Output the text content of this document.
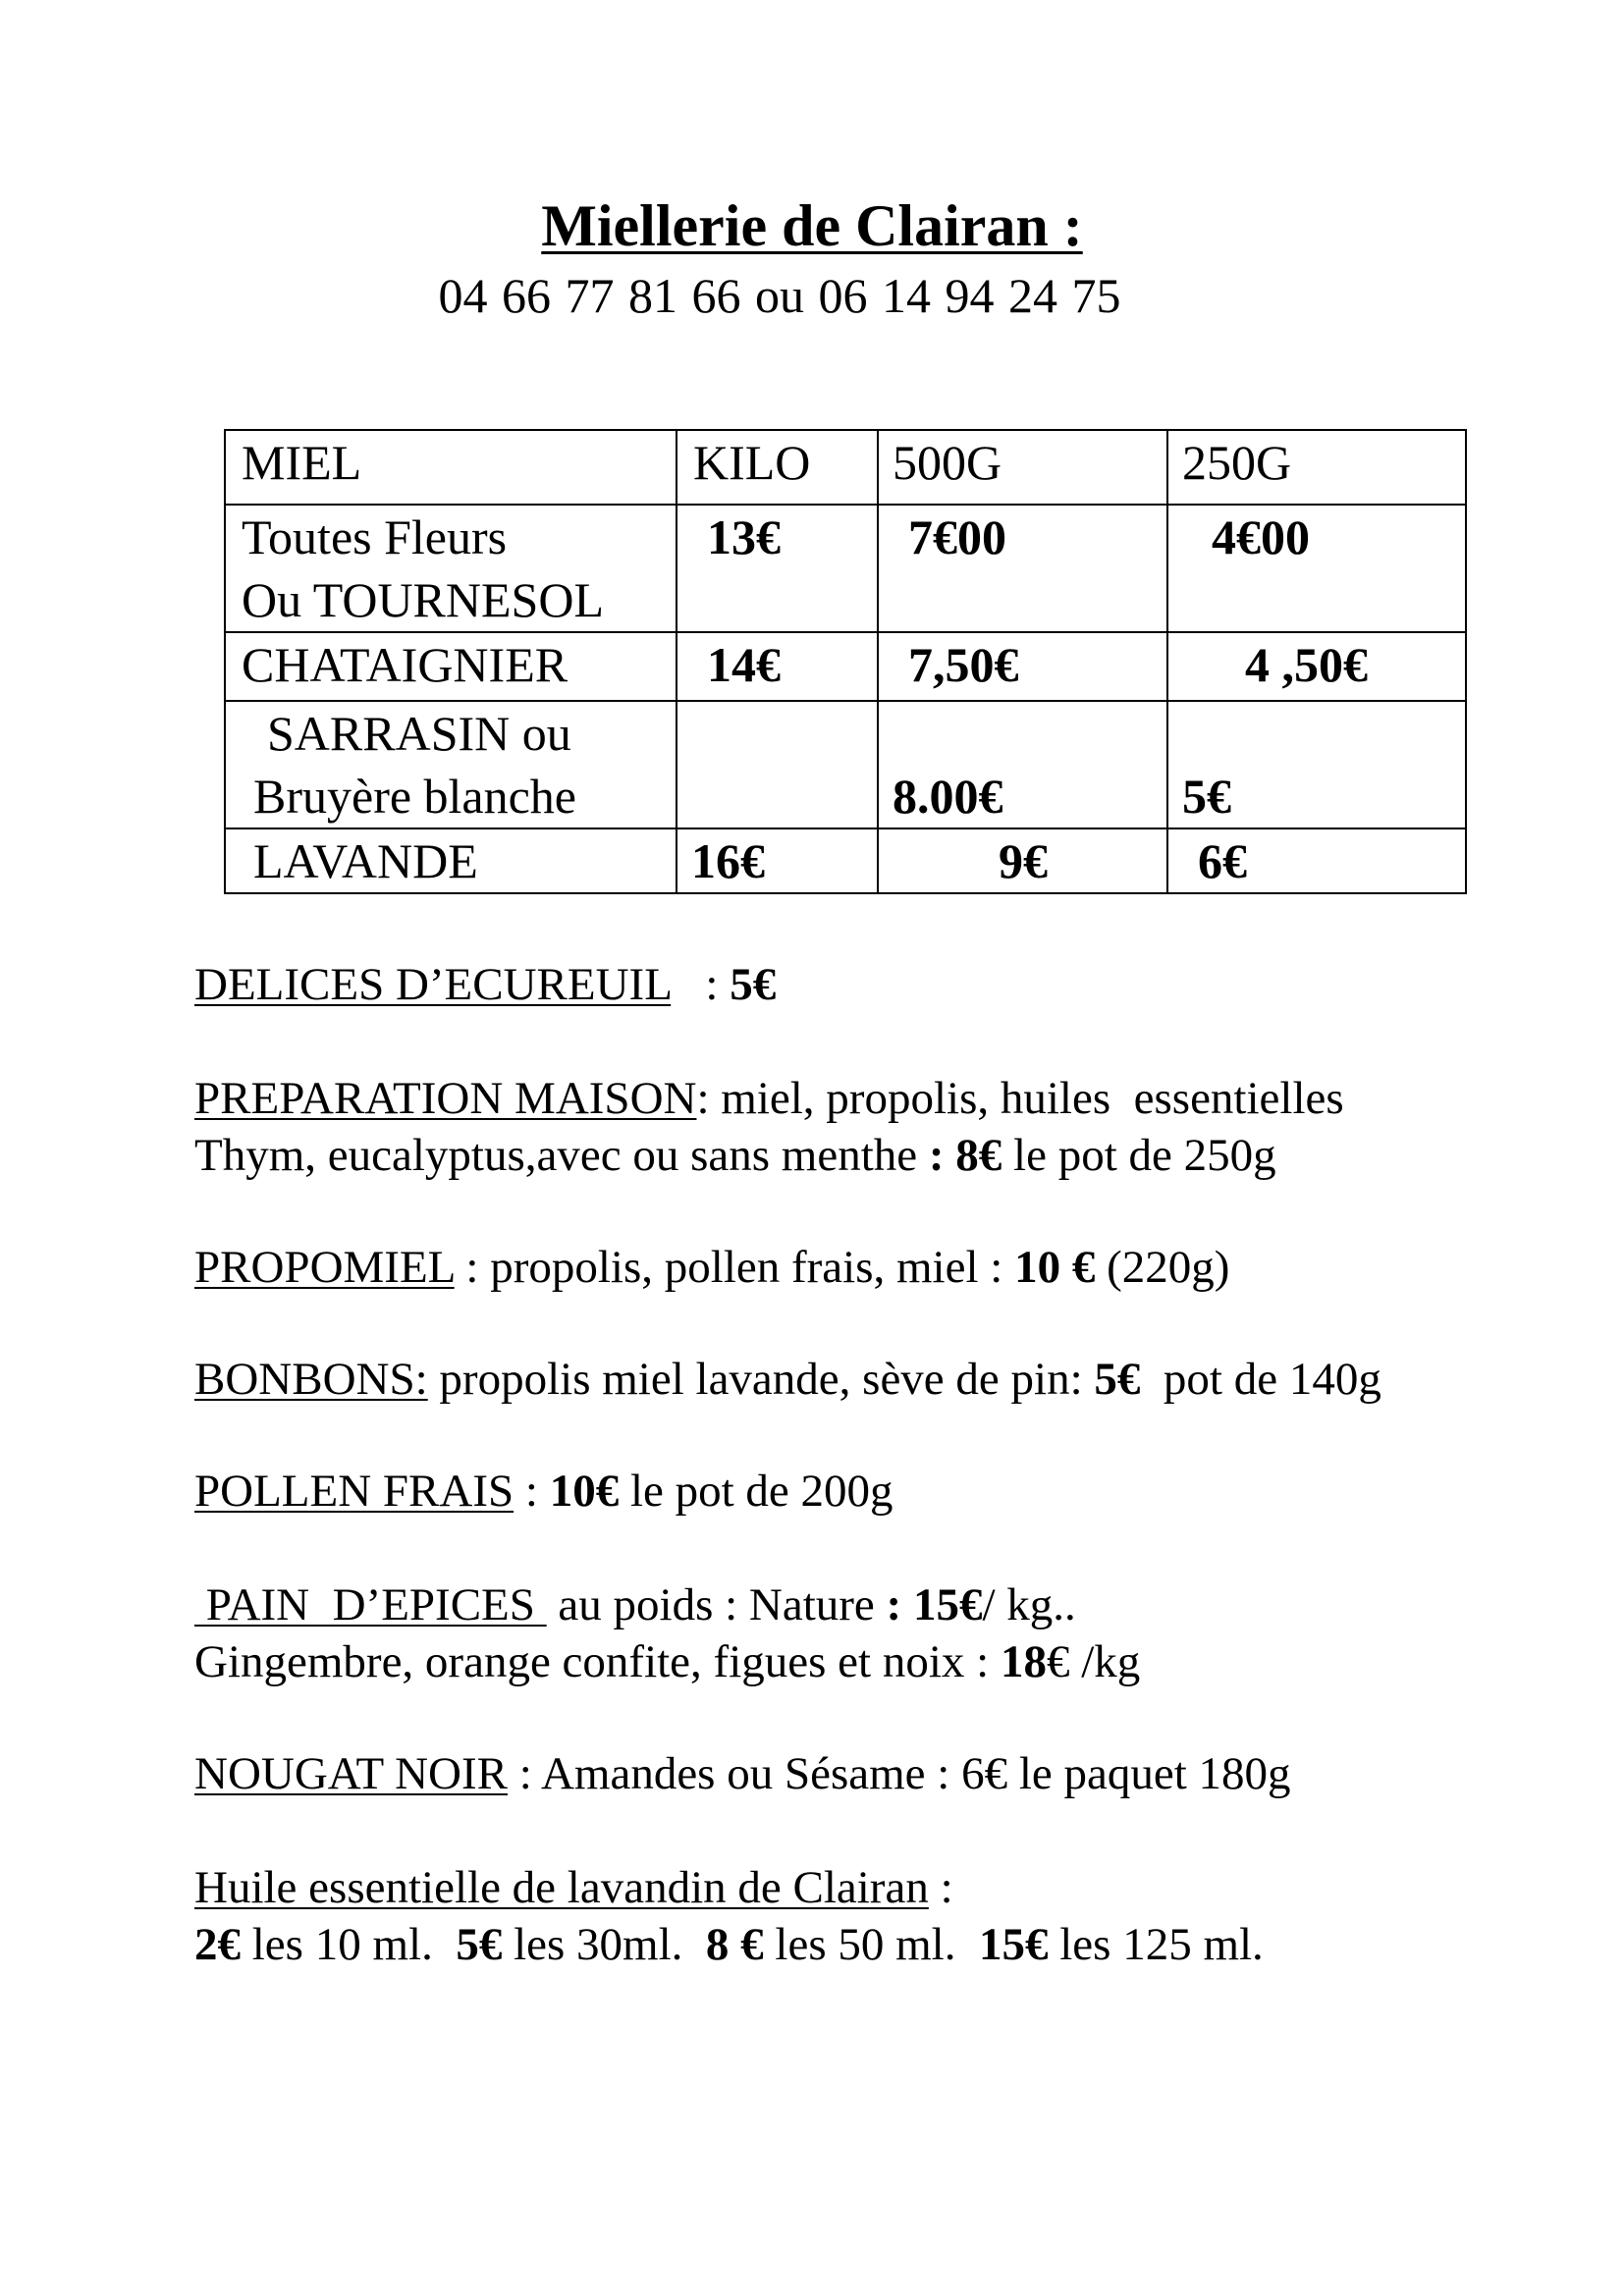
Miellerie de Clairan :
04 66 77 81 66 ou 06 14 94 24 75
MIEL	KILO	500G	250G

Toutes Fleurs
Ou TOURNESOL	13€	7€00	4€00

CHATAIGNIER	14€	7,50€	4 ,50€

SARRASIN ou
Bruyère blanche		8.00€	5€

LAVANDE	16€	9€	6€
DELICES D’ECUREUIL   : 5€
PREPARATION MAISON: miel, propolis, huiles  essentielles
Thym, eucalyptus,avec ou sans menthe : 8€ le pot de 250g
PROPOMIEL : propolis, pollen frais, miel : 10 € (220g)
BONBONS: propolis miel lavande, sève de pin: 5€  pot de 140g
POLLEN FRAIS : 10€ le pot de 200g
PAIN  D’EPICES  au poids : Nature : 15€/ kg..
Gingembre, orange confite, figues et noix : 18€ /kg
NOUGAT NOIR : Amandes ou Sésame : 6€ le paquet 180g
Huile essentielle de lavandin de Clairan :
2€ les 10 ml.  5€ les 30ml.  8 € les 50 ml.  15€ les 125 ml.
